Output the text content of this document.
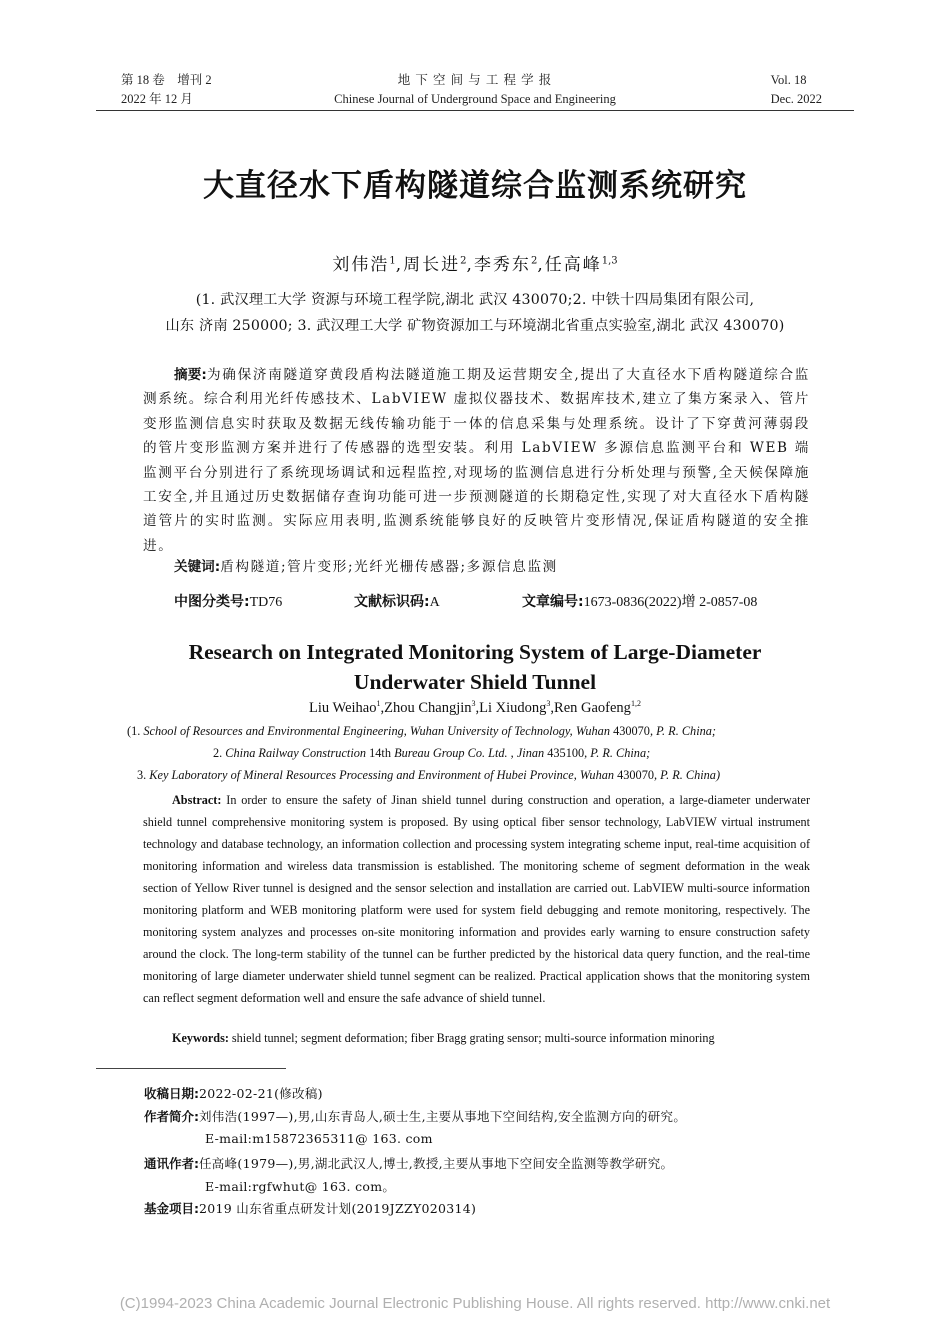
第 18 卷　增刊 2
2022 年 12 月
地 下 空 间 与 工 程 学 报
Chinese Journal of Underground Space and Engineering
Vol. 18
Dec. 2022
大直径水下盾构隧道综合监测系统研究
刘伟浩$^1$,周长进$^2$,李秀东$^2$,任高峰$^{1,3}$
(1. 武汉理工大学 资源与环境工程学院,湖北 武汉 430070;2. 中铁十四局集团有限公司,
山东 济南 250000; 3. 武汉理工大学 矿物资源加工与环境湖北省重点实验室,湖北 武汉 430070)
摘要:为确保济南隧道穿黄段盾构法隧道施工期及运营期安全,提出了大直径水下盾构隧道综合监测系统。综合利用光纤传感技术、LabVIEW 虚拟仪器技术、数据库技术,建立了集方案录入、管片变形监测信息实时获取及数据无线传输功能于一体的信息采集与处理系统。设计了下穿黄河薄弱段的管片变形监测方案并进行了传感器的选型安装。利用 LabVIEW 多源信息监测平台和 WEB 端监测平台分别进行了系统现场调试和远程监控,对现场的监测信息进行分析处理与预警,全天候保障施工安全,并且通过历史数据储存查询功能可进一步预测隧道的长期稳定性,实现了对大直径水下盾构隧道管片的实时监测。实际应用表明,监测系统能够良好的反映管片变形情况,保证盾构隧道的安全推进。
关键词:盾构隧道;管片变形;光纤光栅传感器;多源信息监测
中图分类号:TD76	文献标识码:A	文章编号:1673-0836(2022)增 2-0857-08
Research on Integrated Monitoring System of Large-Diameter
Underwater Shield Tunnel
Liu Weihao$^1$,Zhou Changjin$^3$,Li Xiudong$^3$,Ren Gaofeng$^{1,2}$
(1. School of Resources and Environmental Engineering, Wuhan University of Technology, Wuhan 430070, P. R. China;
2. China Railway Construction 14th Bureau Group Co. Ltd. , Jinan 435100, P. R. China;
3. Key Laboratory of Mineral Resources Processing and Environment of Hubei Province, Wuhan 430070, P. R. China)
Abstract: In order to ensure the safety of Jinan shield tunnel during construction and operation, a large-diameter underwater shield tunnel comprehensive monitoring system is proposed. By using optical fiber sensor technology, LabVIEW virtual instrument technology and database technology, an information collection and processing system integrating scheme input, real-time acquisition of monitoring information and wireless data transmission is established. The monitoring scheme of segment deformation in the weak section of Yellow River tunnel is designed and the sensor selection and installation are carried out. LabVIEW multi-source information monitoring platform and WEB monitoring platform were used for system field debugging and remote monitoring, respectively. The monitoring system analyzes and processes on-site monitoring information and provides early warning to ensure construction safety around the clock. The long-term stability of the tunnel can be further predicted by the historical data query function, and the real-time monitoring of large diameter underwater shield tunnel segment can be realized. Practical application shows that the monitoring system can reflect segment deformation well and ensure the safe advance of shield tunnel.
Keywords: shield tunnel; segment deformation; fiber Bragg grating sensor; multi-source information minoring
收稿日期:2022-02-21(修改稿)
作者简介:刘伟浩(1997—),男,山东青岛人,硕士生,主要从事地下空间结构,安全监测方向的研究。
E-mail:m15872365311@ 163. com
通讯作者:任高峰(1979—),男,湖北武汉人,博士,教授,主要从事地下空间安全监测等教学研究。
E-mail:rgfwhut@ 163. com。
基金项目:2019 山东省重点研发计划(2019JZZY020314)
(C)1994-2023 China Academic Journal Electronic Publishing House. All rights reserved. http://www.cnki.net
